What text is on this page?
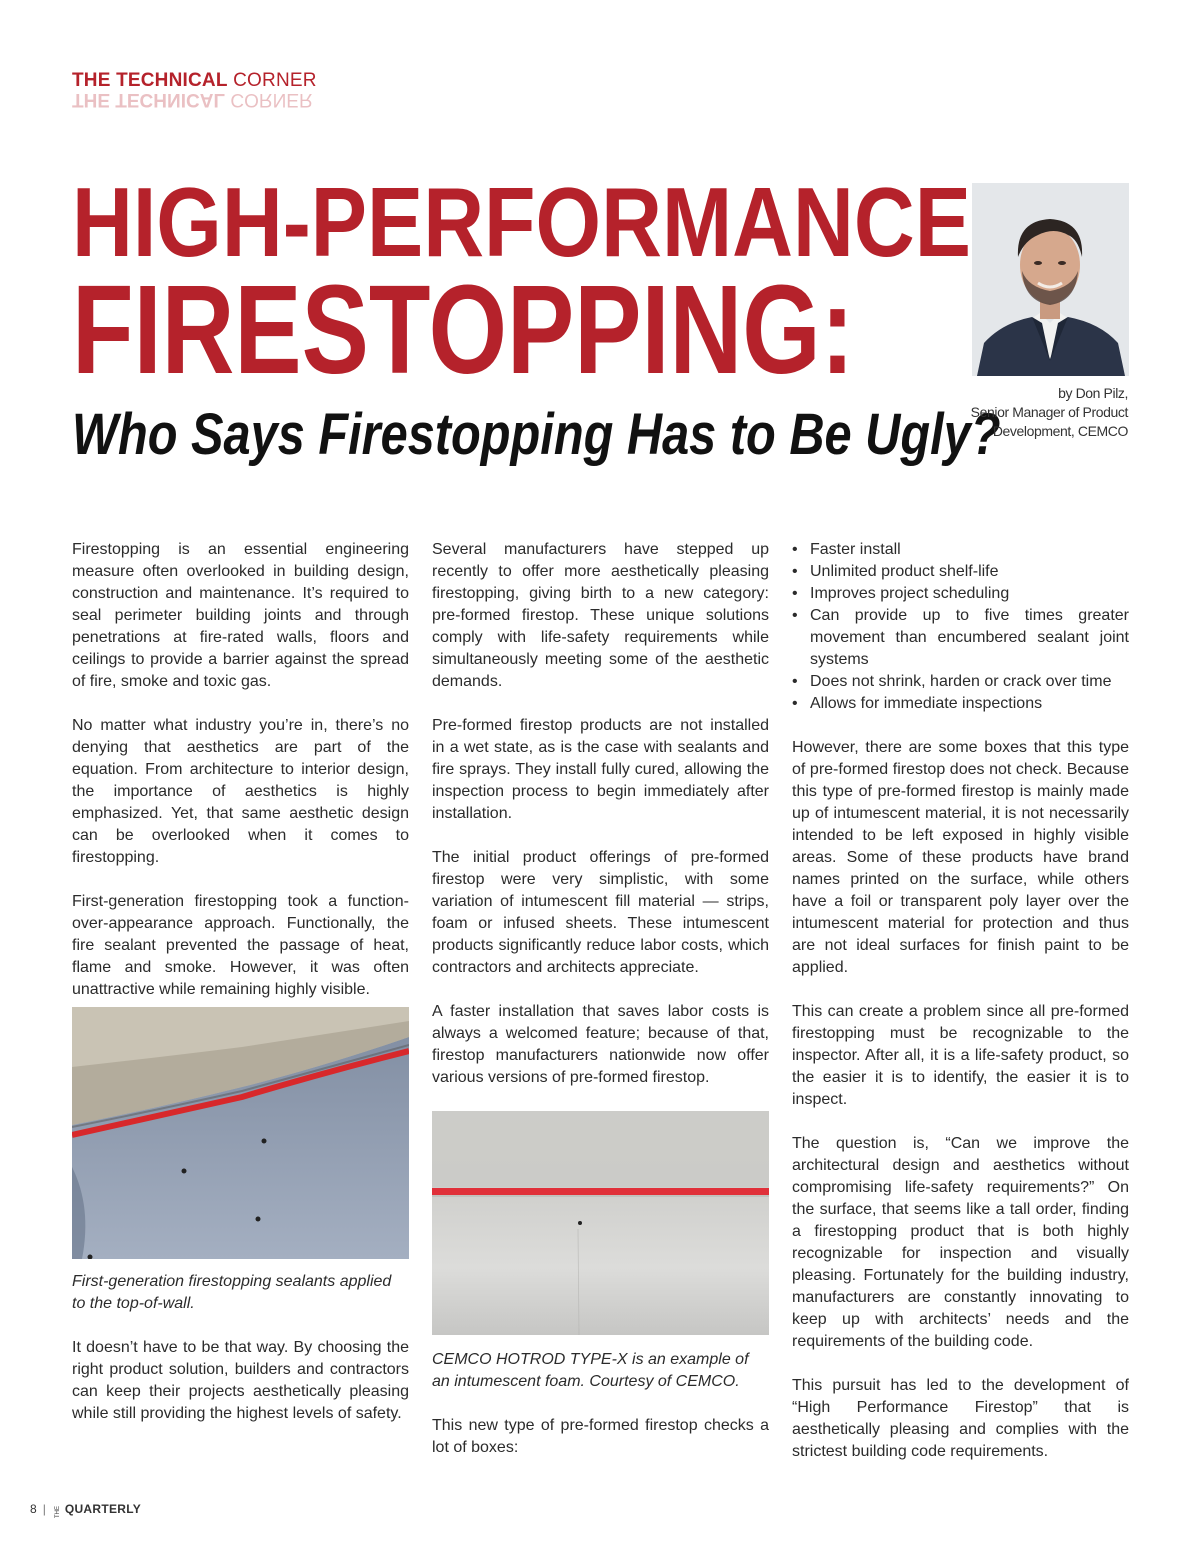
THE TECHNICAL CORNER
THE TECHNICAL CORNER
HIGH-PERFORMANCE
FIRESTOPPING:
Who Says Firestopping Has to Be Ugly?
by Don Pilz,
Senior Manager of Product
Development, CEMCO

Firestopping is an essential engineering measure often overlooked in building design, construction and maintenance. It’s required to seal perimeter building joints and through penetrations at fire-rated walls, floors and ceilings to provide a barrier against the spread of fire, smoke and toxic gas.

No matter what industry you’re in, there’s no denying that aesthetics are part of the equation. From architecture to interior design, the importance of aesthetics is highly emphasized. Yet, that same aesthetic design can be overlooked when it comes to firestopping.

First-generation firestopping took a function-over-appearance approach. Functionally, the fire sealant prevented the passage of heat, flame and smoke. However, it was often unattractive while remaining highly visible.

First-generation firestopping sealants applied to the top-of-wall.

It doesn’t have to be that way. By choosing the right product solution, builders and contractors can keep their projects aesthetically pleasing while still providing the highest levels of safety.

Several manufacturers have stepped up recently to offer more aesthetically pleasing firestopping, giving birth to a new category: pre-formed firestop. These unique solutions comply with life-safety requirements while simultaneously meeting some of the aesthetic demands.

Pre-formed firestop products are not installed in a wet state, as is the case with sealants and fire sprays. They install fully cured, allowing the inspection process to begin immediately after installation.

The initial product offerings of pre-formed firestop were very simplistic, with some variation of intumescent fill material — strips, foam or infused sheets. These intumescent products significantly reduce labor costs, which contractors and architects appreciate.

A faster installation that saves labor costs is always a welcomed feature; because of that, firestop manufacturers nationwide now offer various versions of pre-formed firestop.

CEMCO HOTROD TYPE-X is an example of an intumescent foam. Courtesy of CEMCO.

This new type of pre-formed firestop checks a lot of boxes:

• Faster install
• Unlimited product shelf-life
• Improves project scheduling
• Can provide up to five times greater movement than encumbered sealant joint systems
• Does not shrink, harden or crack over time
• Allows for immediate inspections

However, there are some boxes that this type of pre-formed firestop does not check. Because this type of pre-formed firestop is mainly made up of intumescent material, it is not necessarily intended to be left exposed in highly visible areas. Some of these products have brand names printed on the surface, while others have a foil or transparent poly layer over the intumescent material for protection and thus are not ideal surfaces for finish paint to be applied.

This can create a problem since all pre-formed firestopping must be recognizable to the inspector. After all, it is a life-safety product, so the easier it is to identify, the easier it is to inspect.

The question is, “Can we improve the architectural design and aesthetics without compromising life-safety requirements?” On the surface, that seems like a tall order, finding a firestopping product that is both highly recognizable for inspection and visually pleasing. Fortunately for the building industry, manufacturers are constantly innovating to keep up with architects’ needs and the requirements of the building code.

This pursuit has led to the development of “High Performance Firestop” that is aesthetically pleasing and complies with the strictest building code requirements.

8 | THE QUARTERLY
